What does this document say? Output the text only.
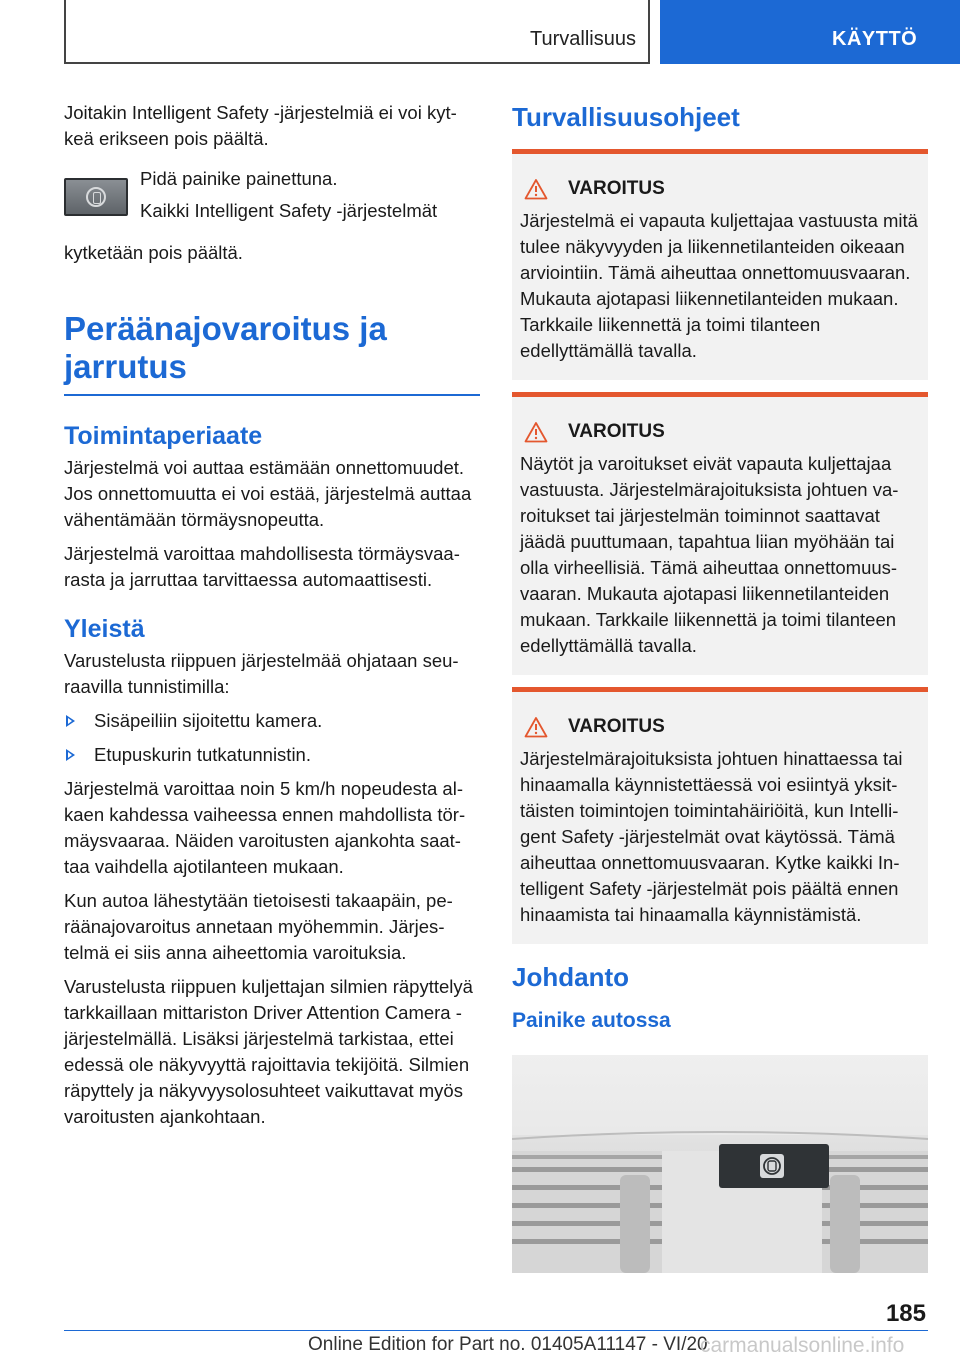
Turvallisuus	KÄYTTÖ

Joitakin Intelligent Safety -järjestelmiä ei voi kytkeä erikseen pois päältä.

Pidä painike painettuna.

Kaikki Intelligent Safety -järjestelmät

kytketään pois päältä.

Peräänajovaroitus ja jarrutus
Toimintaperiaate

Järjestelmä voi auttaa estämään onnettomuudet. Jos onnettomuutta ei voi estää, järjestelmä auttaa vähentämään törmäysnopeutta.

Järjestelmä varoittaa mahdollisesta törmäysvaarasta ja jarruttaa tarvittaessa automaattisesti.

Yleistä

Varustelusta riippuen järjestelmää ohjataan seuraavilla tunnistimilla:

Sisäpeiliin sijoitettu kamera.
Etupuskurin tutkatunnistin.

Järjestelmä varoittaa noin 5 km/h nopeudesta alkaen kahdessa vaiheessa ennen mahdollista törmäysvaaraa. Näiden varoitusten ajankohta saattaa vaihdella ajotilanteen mukaan.

Kun autoa lähestytään tietoisesti takaapäin, peräänajovaroitus annetaan myöhemmin. Järjestelmä ei siis anna aiheettomia varoituksia.

Varustelusta riippuen kuljettajan silmien räpyttelyä tarkkaillaan mittariston Driver Attention Camera -järjestelmällä. Lisäksi järjestelmä tarkistaa, ettei edessä ole näkyvyyttä rajoittavia tekijöitä. Silmien räpyttely ja näkyvyysolosuhteet vaikuttavat myös varoitusten ajankohtaan.

Turvallisuusohjeet
VAROITUS

Järjestelmä ei vapauta kuljettajaa vastuusta mitä tulee näkyvyyden ja liikennetilanteiden oikeaan arviointiin. Tämä aiheuttaa onnettomuusvaaran. Mukauta ajotapasi liikennetilanteiden mukaan. Tarkkaile liikennettä ja toimi tilanteen edellyttämällä tavalla.

VAROITUS

Näytöt ja varoitukset eivät vapauta kuljettajaa vastuusta. Järjestelmärajoituksista johtuen varoitukset tai järjestelmän toiminnot saattavat jäädä puuttumaan, tapahtua liian myöhään tai olla virheellisiä. Tämä aiheuttaa onnettomuusvaaran. Mukauta ajotapasi liikennetilanteiden mukaan. Tarkkaile liikennettä ja toimi tilanteen edellyttämällä tavalla.

VAROITUS

Järjestelmärajoituksista johtuen hinattaessa tai hinaamalla käynnistettäessä voi esiintyä yksittäisten toimintojen toimintahäiriöitä, kun Intelligent Safety -järjestelmät ovat käytössä. Tämä aiheuttaa onnettomuusvaaran. Kytke kaikki Intelligent Safety -järjestelmät pois päältä ennen hinaamista tai hinaamalla käynnistämistä.

Johdanto
Painike autossa
185
Online Edition for Part no. 01405A11147 - VI/20
carmanualsonline.info
